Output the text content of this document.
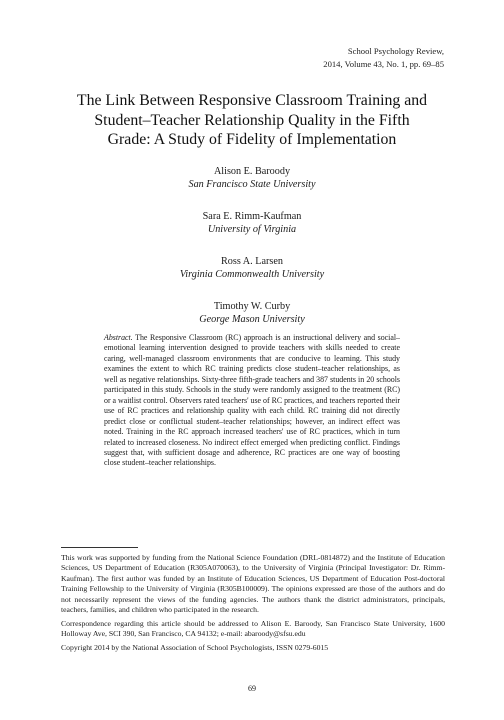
School Psychology Review,
2014, Volume 43, No. 1, pp. 69–85
The Link Between Responsive Classroom Training and
Student–Teacher Relationship Quality in the Fifth
Grade: A Study of Fidelity of Implementation
Alison E. Baroody
San Francisco State University
Sara E. Rimm-Kaufman
University of Virginia
Ross A. Larsen
Virginia Commonwealth University
Timothy W. Curby
George Mason University
Abstract. The Responsive Classroom (RC) approach is an instructional delivery and social–emotional learning intervention designed to provide teachers with skills needed to create caring, well-managed classroom environments that are conducive to learning. This study examines the extent to which RC training predicts close student–teacher relationships, as well as negative relationships. Sixty-three fifth-grade teachers and 387 students in 20 schools participated in this study. Schools in the study were randomly assigned to the treatment (RC) or a waitlist control. Observers rated teachers' use of RC practices, and teachers reported their use of RC practices and relationship quality with each child. RC training did not directly predict close or conflictual student–teacher relationships; however, an indirect effect was noted. Training in the RC approach increased teachers' use of RC practices, which in turn related to increased closeness. No indirect effect emerged when predicting conflict. Findings suggest that, with sufficient dosage and adherence, RC practices are one way of boosting close student–teacher relationships.

This work was supported by funding from the National Science Foundation (DRL-0814872) and the Institute of Education Sciences, US Department of Education (R305A070063), to the University of Virginia (Principal Investigator: Dr. Rimm-Kaufman). The first author was funded by an Institute of Education Sciences, US Department of Education Post-doctoral Training Fellowship to the University of Virginia (R305B100009). The opinions expressed are those of the authors and do not necessarily represent the views of the funding agencies. The authors thank the district administrators, principals, teachers, families, and children who participated in the research.

Correspondence regarding this article should be addressed to Alison E. Baroody, San Francisco State University, 1600 Holloway Ave, SCI 390, San Francisco, CA 94132; e-mail: abaroody@sfsu.edu

Copyright 2014 by the National Association of School Psychologists, ISSN 0279-6015

69
